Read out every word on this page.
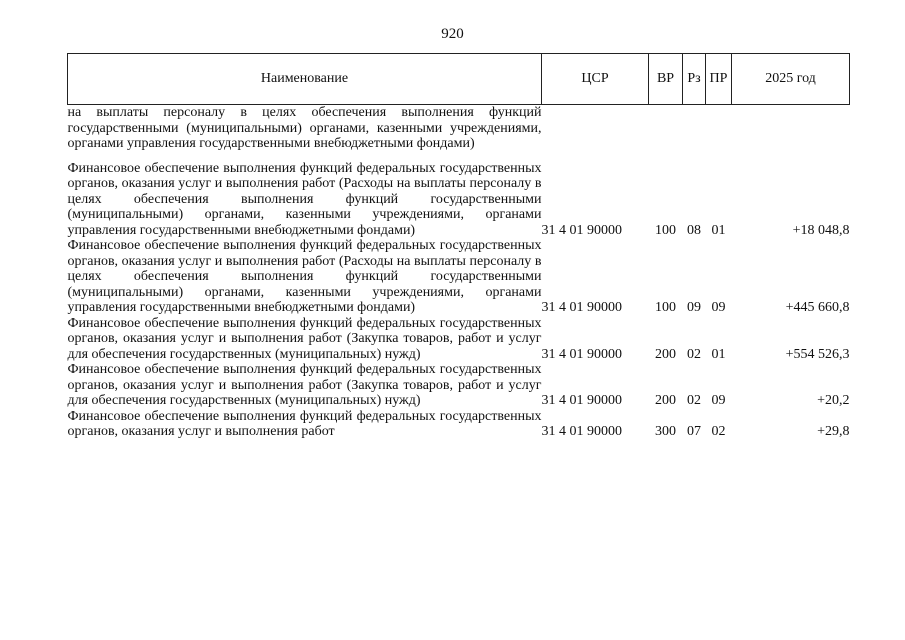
920
Наименование	ЦСР	ВР	Рз	ПР	2025 год
на выплаты персоналу в целях обеспечения выполнения функций государственными (муниципальными) органами, казенными учреждениями, органами управления государственными внебюджетными фондами)					
Финансовое обеспечение выполнения функций федеральных государственных органов, оказания услуг и выполнения работ (Расходы на выплаты персоналу в целях обеспечения выполнения функций государственными (муниципальными) органами, казенными учреждениями, органами управления государственными внебюджетными фондами)	31 4 01 90000	100	08	01	+18 048,8
Финансовое обеспечение выполнения функций федеральных государственных органов, оказания услуг и выполнения работ (Расходы на выплаты персоналу в целях обеспечения выполнения функций государственными (муниципальными) органами, казенными учреждениями, органами управления государственными внебюджетными фондами)	31 4 01 90000	100	09	09	+445 660,8
Финансовое обеспечение выполнения функций федеральных государственных органов, оказания услуг и выполнения работ (Закупка товаров, работ и услуг для обеспечения государственных (муниципальных) нужд)	31 4 01 90000	200	02	01	+554 526,3
Финансовое обеспечение выполнения функций федеральных государственных органов, оказания услуг и выполнения работ (Закупка товаров, работ и услуг для обеспечения государственных (муниципальных) нужд)	31 4 01 90000	200	02	09	+20,2
Финансовое обеспечение выполнения функций федеральных государственных органов, оказания услуг и выполнения работ	31 4 01 90000	300	07	02	+29,8
